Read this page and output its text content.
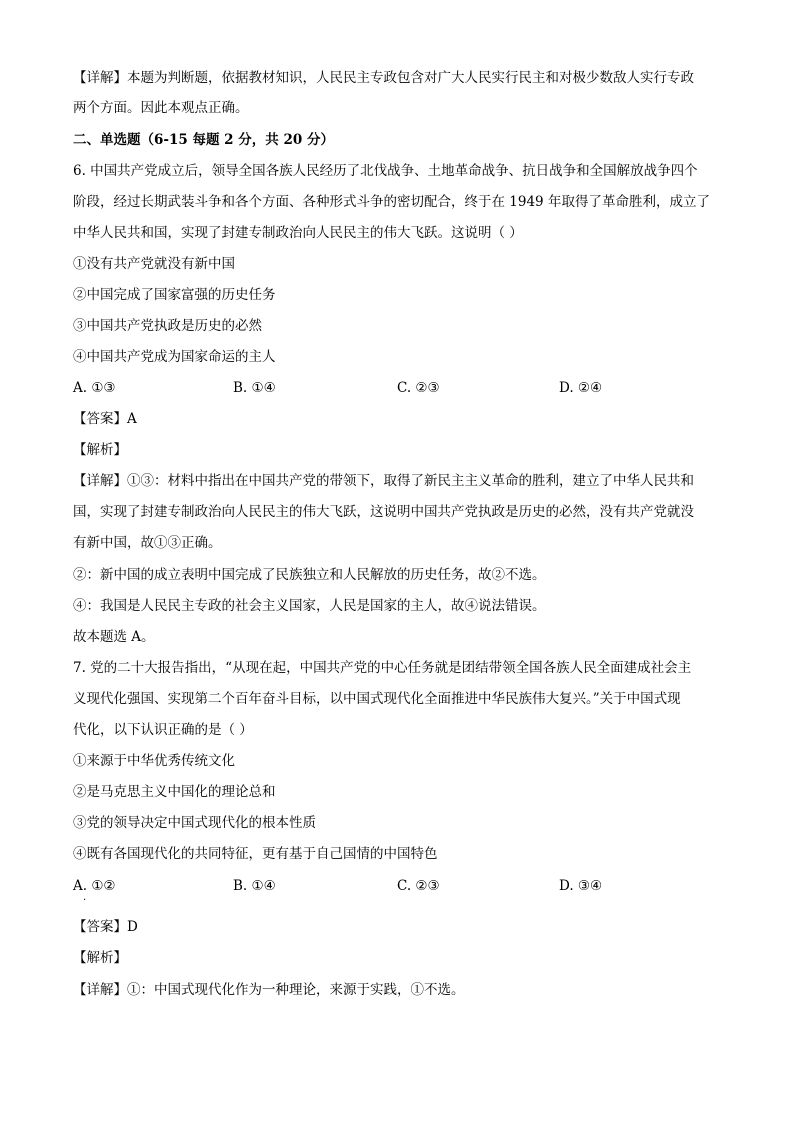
【详解】本题为判断题，依据教材知识，人民民主专政包含对广大人民实行民主和对极少数敌人实行专政
两个方面。因此本观点正确。
二、单选题（6-15 每题 2 分，共 20 分）
6. 中国共产党成立后，领导全国各族人民经历了北伐战争、土地革命战争、抗日战争和全国解放战争四个
阶段，经过长期武装斗争和各个方面、各种形式斗争的密切配合，终于在 1949 年取得了革命胜利，成立了
中华人民共和国，实现了封建专制政治向人民民主的伟大飞跃。这说明（ ）
①没有共产党就没有新中国
②中国完成了国家富强的历史任务
③中国共产党执政是历史的必然
④中国共产党成为国家命运的主人
A. ①③	B. ①④	C. ②③	D. ②④
【答案】A
【解析】
【详解】①③：材料中指出在中国共产党的带领下，取得了新民主主义革命的胜利，建立了中华人民共和
国，实现了封建专制政治向人民民主的伟大飞跃，这说明中国共产党执政是历史的必然，没有共产党就没
有新中国，故①③正确。
②：新中国的成立表明中国完成了民族独立和人民解放的历史任务，故②不选。
④：我国是人民民主专政的社会主义国家，人民是国家的主人，故④说法错误。
故本题选 A。
7. 党的二十大报告指出，“从现在起，中国共产党的中心任务就是团结带领全国各族人民全面建成社会主
义现代化强国、实现第二个百年奋斗目标，以中国式现代化全面推进中华民族伟大复兴。”关于中国式现
代化，以下认识正确的是（ ）
①来源于中华优秀传统文化
②是马克思主义中国化的理论总和
③党的领导决定中国式现代化的根本性质
④既有各国现代化的共同特征，更有基于自己国情的中国特色
A. ①②	B. ①④	C. ②③	D. ③④
·
【答案】D
【解析】
【详解】①：中国式现代化作为一种理论，来源于实践，①不选。
